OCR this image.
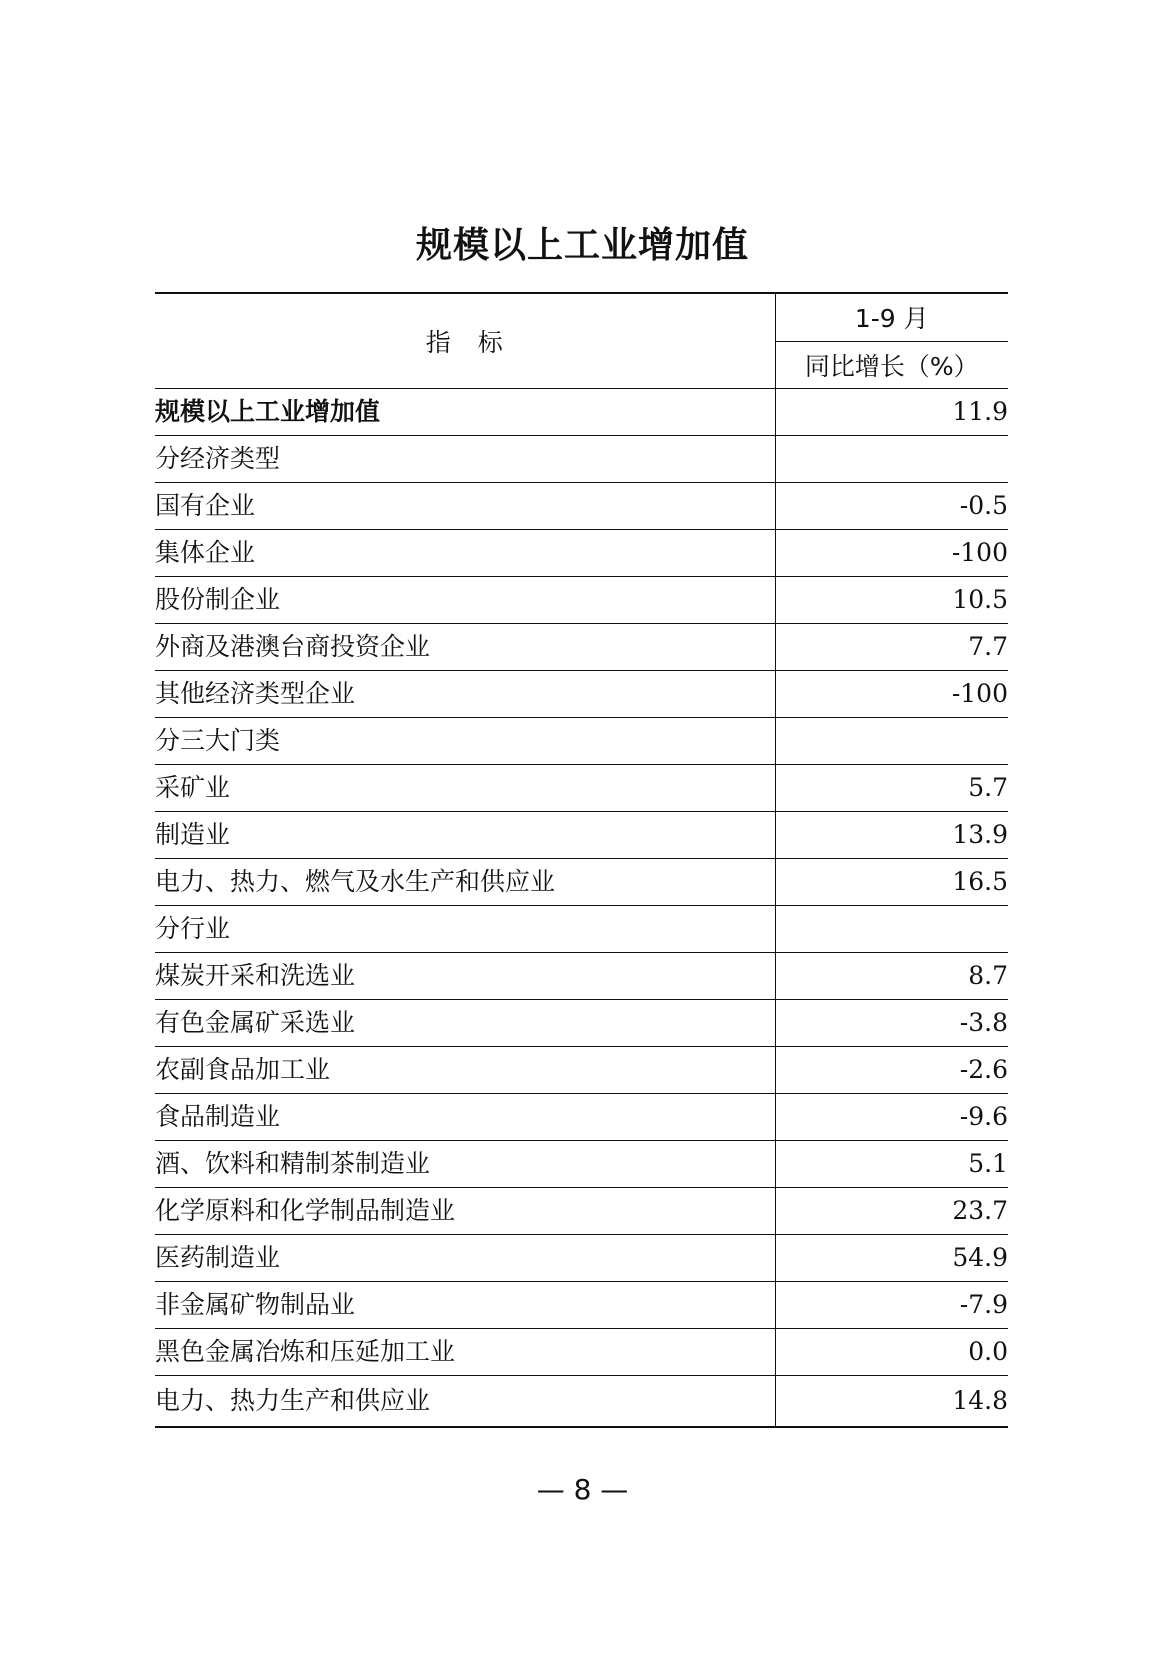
规模以上工业增加值
指　标	1-9 月
	同比增长（%）
规模以上工业增加值	11.9
分经济类型	
国有企业	-0.5
集体企业	-100
股份制企业	10.5
外商及港澳台商投资企业	7.7
其他经济类型企业	-100
分三大门类	
采矿业	5.7
制造业	13.9
电力、热力、燃气及水生产和供应业	16.5
分行业	
煤炭开采和洗选业	8.7
有色金属矿采选业	-3.8
农副食品加工业	-2.6
食品制造业	-9.6
酒、饮料和精制茶制造业	5.1
化学原料和化学制品制造业	23.7
医药制造业	54.9
非金属矿物制品业	-7.9
黑色金属冶炼和压延加工业	0.0
电力、热力生产和供应业	14.8
— 8 —
